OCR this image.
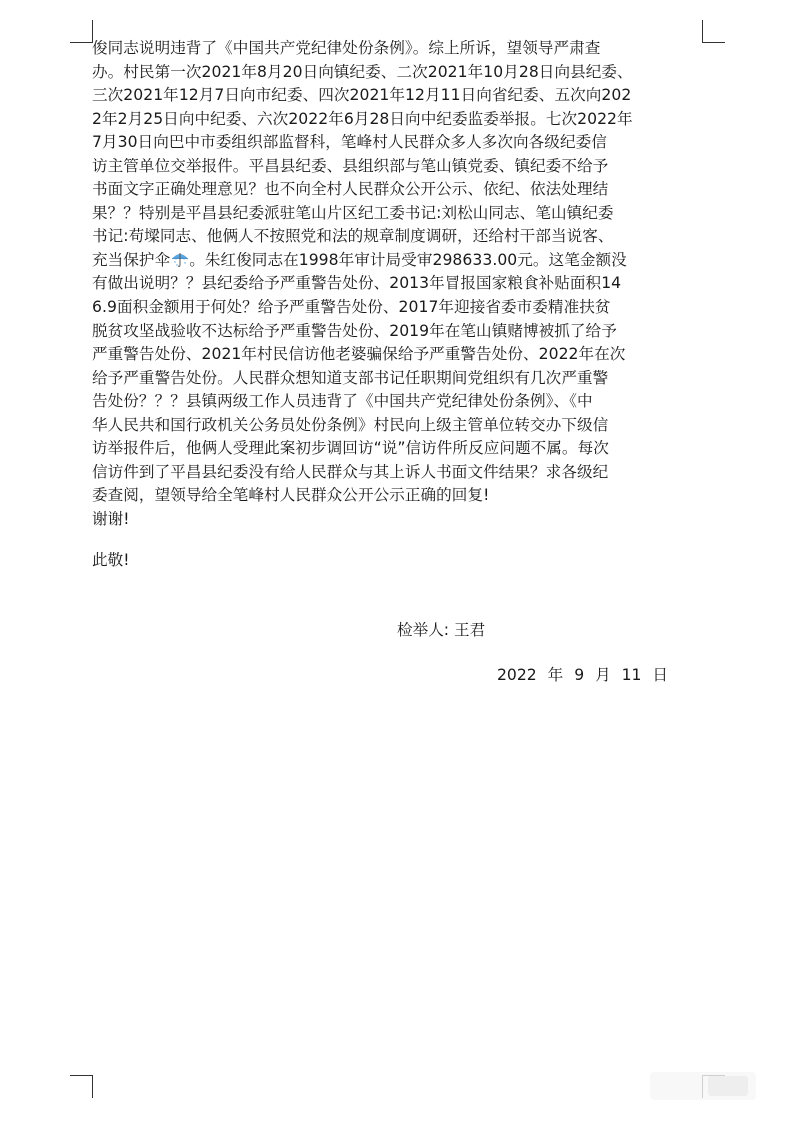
俊同志说明违背了《中国共产党纪律处份条例》。综上所诉，望领导严肃查
办。村民第一次2021年8月20日向镇纪委、二次2021年10月28日向县纪委、
三次2021年12月7日向市纪委、四次2021年12月11日向省纪委、五次向202
2年2月25日向中纪委、六次2022年6月28日向中纪委监委举报。七次2022年
7月30日向巴中市委组织部监督科，笔峰村人民群众多人多次向各级纪委信
访主管单位交举报件。平昌县纪委、县组织部与笔山镇党委、镇纪委不给予
书面文字正确处理意见？也不向全村人民群众公开公示、依纪、依法处理结
果？？特别是平昌县纪委派驻笔山片区纪工委书记:刘松山同志、笔山镇纪委
书记:苟墚同志、他俩人不按照党和法的规章制度调研，还给村干部当说客、
充当保护伞 。朱红俊同志在1998年审计局受审298633.00元。这笔金额没
有做出说明？？县纪委给予严重警告处份、2013年冒报国家粮食补贴面积14
6.9面积金额用于何处？给予严重警告处份、2017年迎接省委市委精准扶贫
脱贫攻坚战验收不达标给予严重警告处份、2019年在笔山镇赌博被抓了给予
严重警告处份、2021年村民信访他老婆骗保给予严重警告处份、2022年在次
给予严重警告处份。人民群众想知道支部书记任职期间党组织有几次严重警
告处份？？？县镇两级工作人员违背了《中国共产党纪律处份条例》、《中
华人民共和国行政机关公务员处份条例》村民向上级主管单位转交办下级信
访举报件后，他俩人受理此案初步调回访“说”信访件所反应问题不属。每次
信访件到了平昌县纪委没有给人民群众与其上诉人书面文件结果？求各级纪
委查阅，望领导给全笔峰村人民群众公开公示正确的回复!
谢谢!
此敬!
检举人: 王君
2022 年 9 月 11 日
